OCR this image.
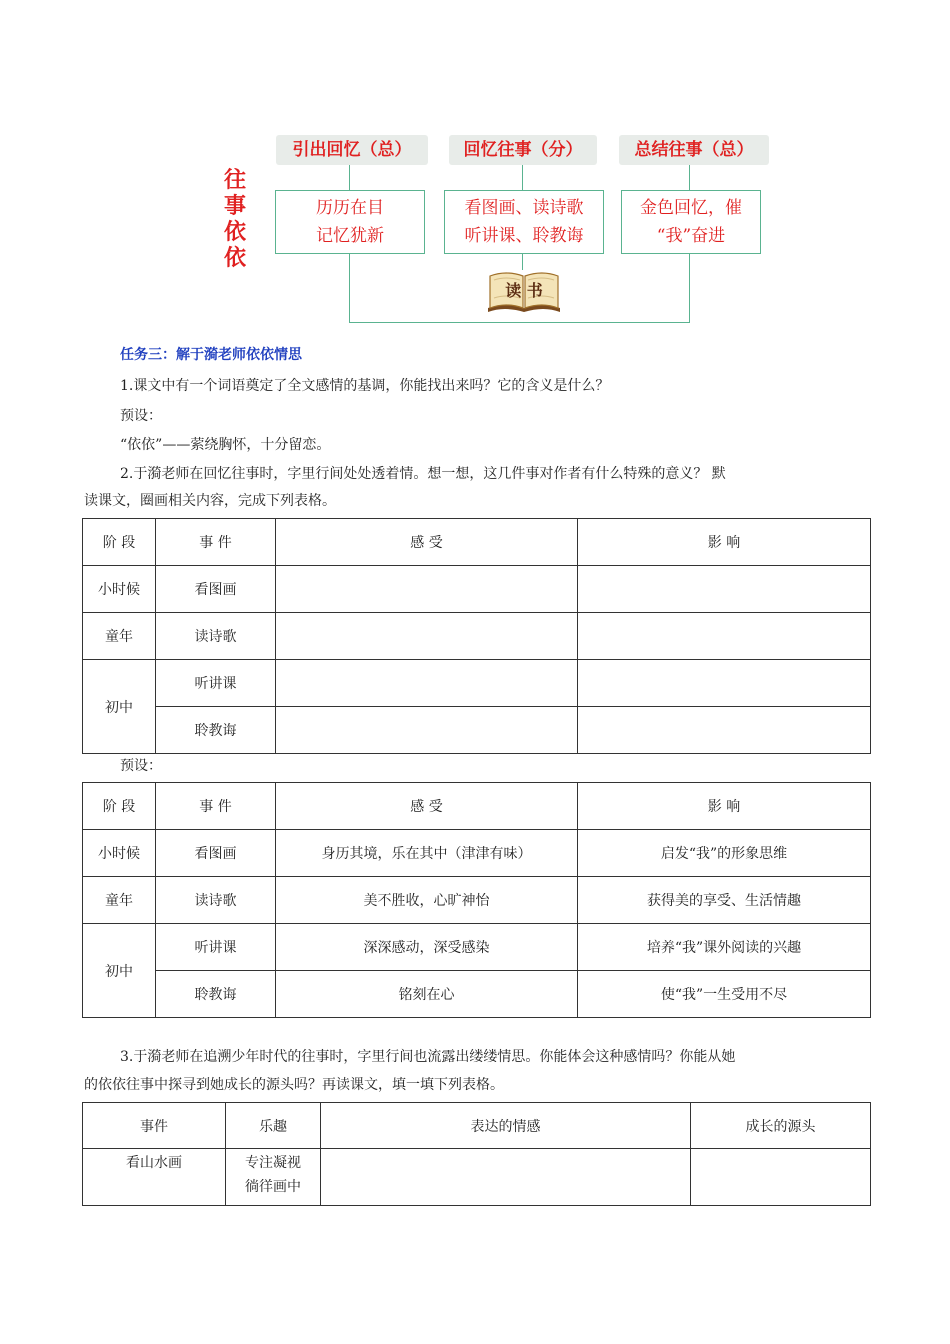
往事依依
引出回忆（总）	回忆往事（分）	总结往事（总）
历历在目
记忆犹新
看图画、读诗歌
听讲课、聆教诲
金色回忆，催
“我”奋进
读 书
任务三：解于漪老师依依情思
1.课文中有一个词语奠定了全文感情的基调，你能找出来吗？它的含义是什么？
预设：
“依依”——萦绕胸怀，十分留恋。
2.于漪老师在回忆往事时，字里行间处处透着情。想一想，这几件事对作者有什么特殊的意义？ 默
读课文，圈画相关内容，完成下列表格。
阶 段	事 件	感 受	影 响
小时候	看图画		
童年	读诗歌		
初中	听讲课		
	聆教诲		
预设：
阶 段	事 件	感 受	影 响
小时候	看图画	身历其境，乐在其中（津津有味）	启发“我”的形象思维
童年	读诗歌	美不胜收，心旷神怡	获得美的享受、生活情趣
初中	听讲课	深深感动，深受感染	培养“我”课外阅读的兴趣
	聆教诲	铭刻在心	使“我”一生受用不尽
3.于漪老师在追溯少年时代的往事时，字里行间也流露出缕缕情思。你能体会这种感情吗？你能从她
的依依往事中探寻到她成长的源头吗？再读课文，填一填下列表格。
事件	乐趣	表达的情感	成长的源头
看山水画	专注凝视
徜徉画中		
